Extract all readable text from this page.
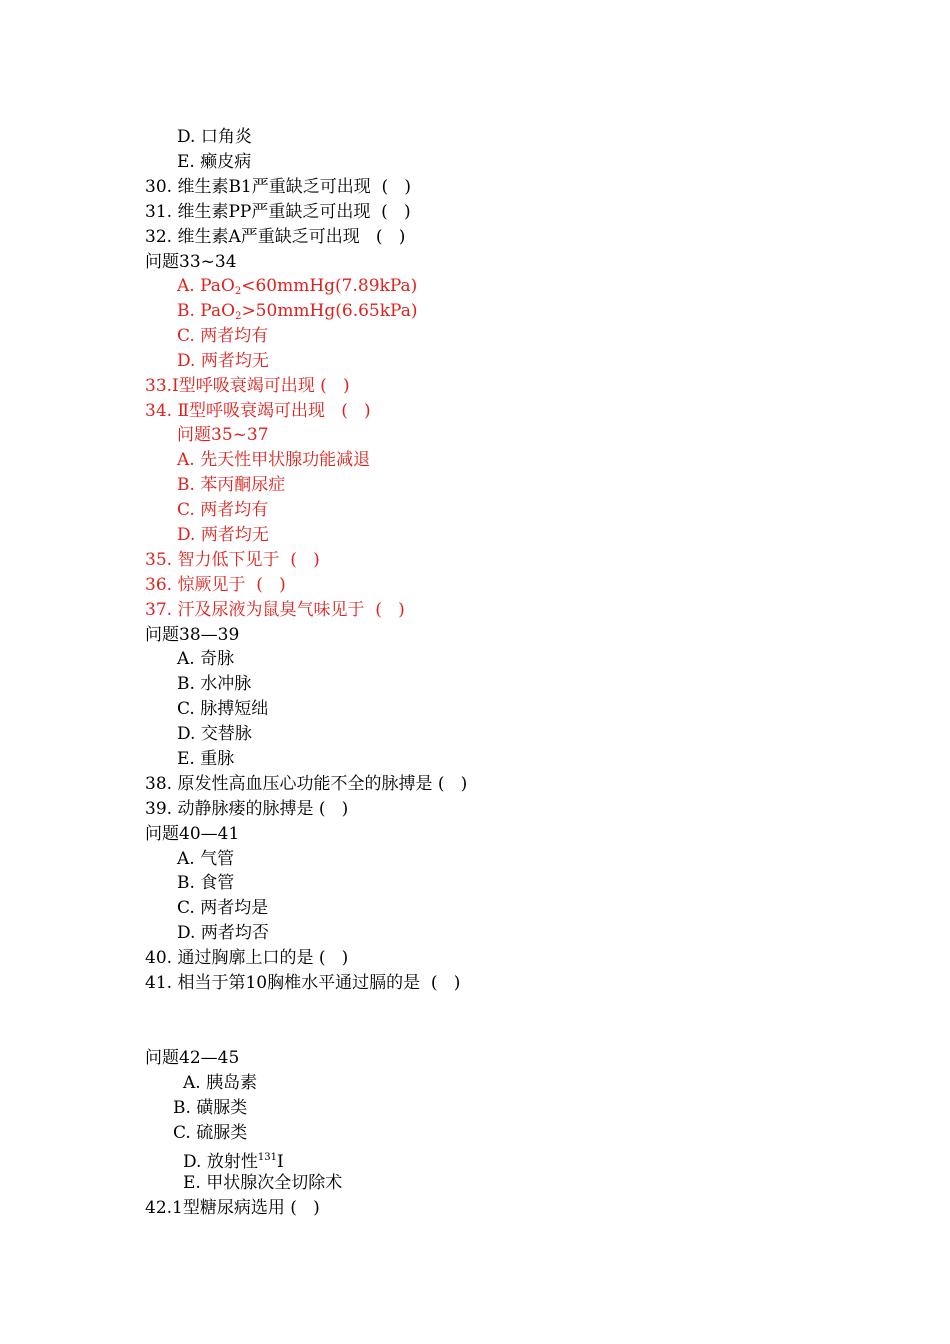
D. 口角炎
E. 癞皮病
30. 维生素B1严重缺乏可出现  (   )
31. 维生素PP严重缺乏可出现  (   )
32. 维生素A严重缺乏可出现   (   )
问题33~34
A. PaO$_2$<60mmHg(7.89kPa)
B. PaO$_2$>50mmHg(6.65kPa)
C. 两者均有
D. 两者均无
33.I型呼吸衰竭可出现 (   )
34. Ⅱ型呼吸衰竭可出现   (   )
问题35~37
A. 先天性甲状腺功能减退
B. 苯丙酮尿症
C. 两者均有
D. 两者均无
35. 智力低下见于  (   )
36. 惊厥见于  (   )
37. 汗及尿液为鼠臭气味见于  (   )
问题38—39
A. 奇脉
B. 水冲脉
C. 脉搏短绌
D. 交替脉
E. 重脉
38. 原发性高血压心功能不全的脉搏是 (   )
39. 动静脉瘘的脉搏是 (   )
问题40—41
A. 气管
B. 食管
C. 两者均是
D. 两者均否
40. 通过胸廓上口的是 (   )
41. 相当于第10胸椎水平通过膈的是  (   )
问题42—45
A. 胰岛素
B. 磺脲类
C. 硫脲类
D. 放射性$^{131}$I
E. 甲状腺次全切除术
42.1型糖尿病选用 (   )
